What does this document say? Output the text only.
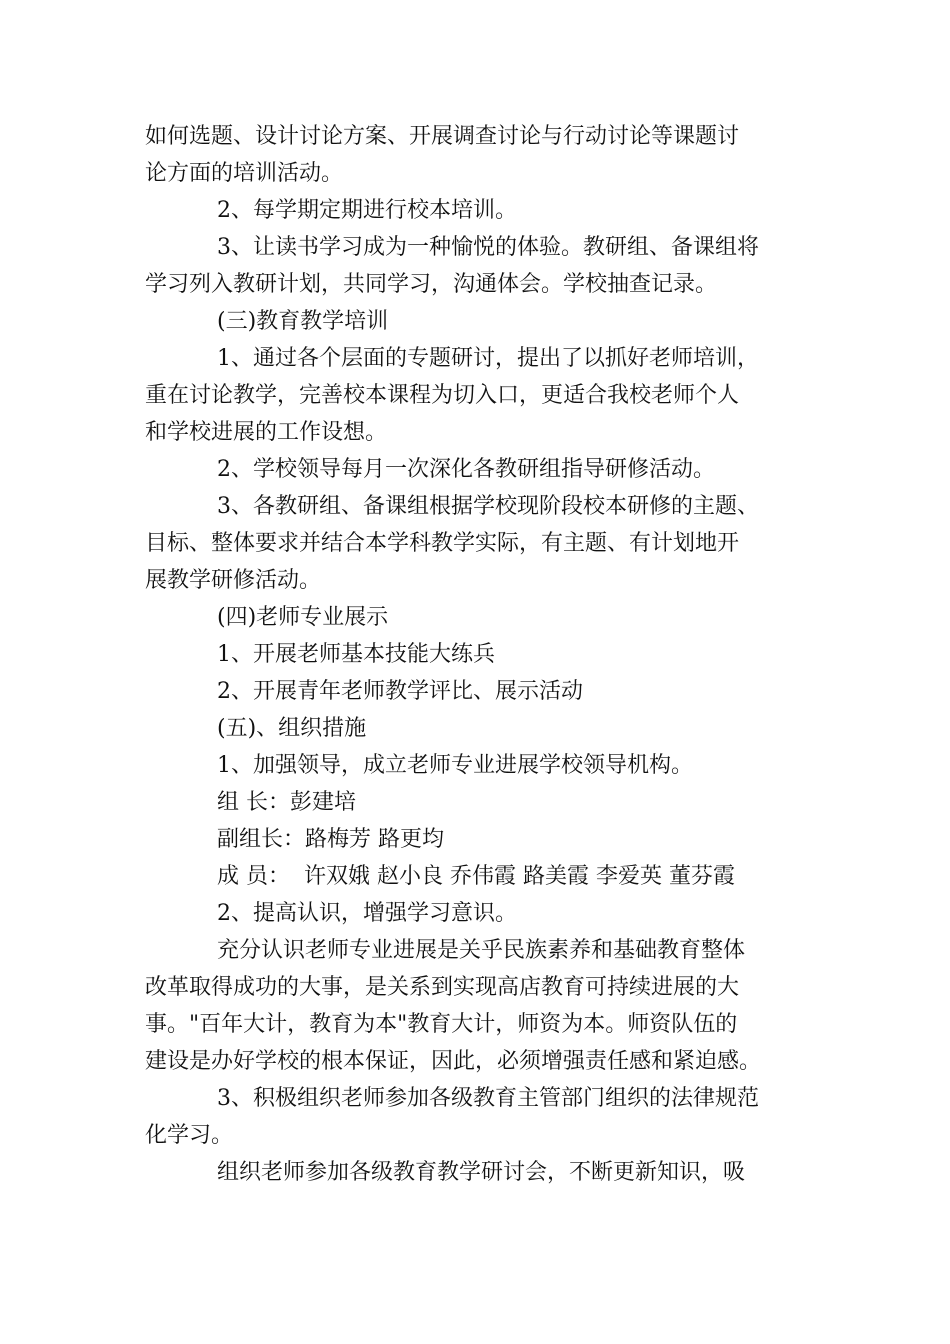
如何选题、设计讨论方案、开展调查讨论与行动讨论等课题讨
论方面的培训活动。
2、每学期定期进行校本培训。
3、让读书学习成为一种愉悦的体验。教研组、备课组将
学习列入教研计划，共同学习，沟通体会。学校抽查记录。
(三)教育教学培训
1、通过各个层面的专题研讨，提出了以抓好老师培训，
重在讨论教学，完善校本课程为切入口，更适合我校老师个人
和学校进展的工作设想。
2、学校领导每月一次深化各教研组指导研修活动。
3、各教研组、备课组根据学校现阶段校本研修的主题、
目标、整体要求并结合本学科教学实际，有主题、有计划地开
展教学研修活动。
(四)老师专业展示
1、开展老师基本技能大练兵
2、开展青年老师教学评比、展示活动
(五)、组织措施
1、加强领导，成立老师专业进展学校领导机构。
组 长：彭建培
副组长：路梅芳 路更均
成 员： 许双娥 赵小良 乔伟霞 路美霞 李爱英 董芬霞
2、提高认识，增强学习意识。
充分认识老师专业进展是关乎民族素养和基础教育整体
改革取得成功的大事，是关系到实现高店教育可持续进展的大
事。"百年大计，教育为本"教育大计，师资为本。师资队伍的
建设是办好学校的根本保证，因此，必须增强责任感和紧迫感。
3、积极组织老师参加各级教育主管部门组织的法律规范
化学习。
组织老师参加各级教育教学研讨会，不断更新知识，吸
